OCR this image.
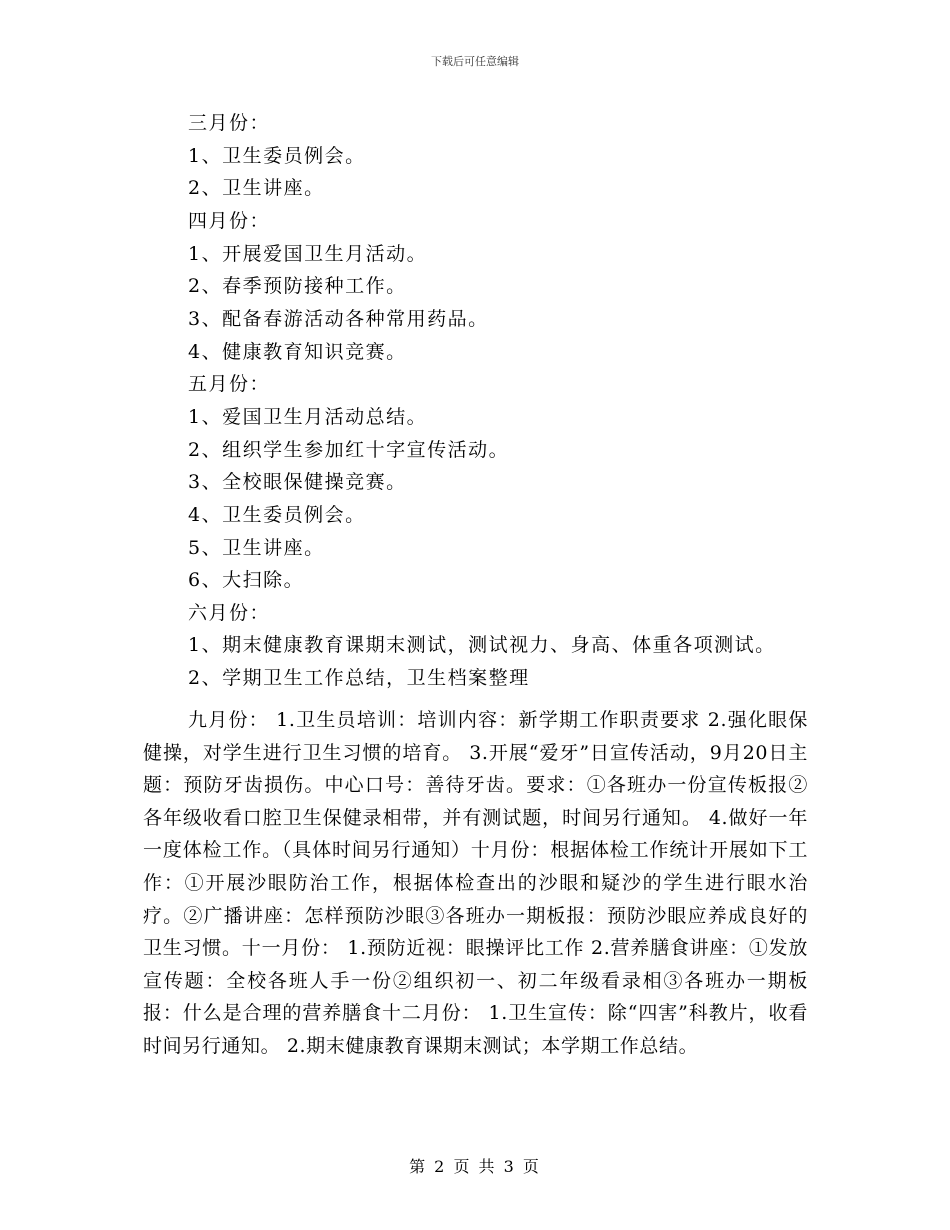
下载后可任意编辑
三月份：
1、卫生委员例会。
2、卫生讲座。
四月份：
1、开展爱国卫生月活动。
2、春季预防接种工作。
3、配备春游活动各种常用药品。
4、健康教育知识竞赛。
五月份：
1、爱国卫生月活动总结。
2、组织学生参加红十字宣传活动。
3、全校眼保健操竞赛。
4、卫生委员例会。
5、卫生讲座。
6、大扫除。
六月份：
1、期末健康教育课期末测试，测试视力、身高、体重各项测试。
2、学期卫生工作总结，卫生档案整理
九月份： 1.卫生员培训：培训内容：新学期工作职责要求 2.强化眼保健操，对学生进行卫生习惯的培育。 3.开展“爱牙”日宣传活动，9月20日主题：预防牙齿损伤。中心口号：善待牙齿。要求：①各班办一份宣传板报②各年级收看口腔卫生保健录相带，并有测试题，时间另行通知。 4.做好一年一度体检工作。（具体时间另行通知）十月份：根据体检工作统计开展如下工作：①开展沙眼防治工作，根据体检查出的沙眼和疑沙的学生进行眼水治疗。②广播讲座：怎样预防沙眼③各班办一期板报：预防沙眼应养成良好的卫生习惯。十一月份： 1.预防近视：眼操评比工作 2.营养膳食讲座：①发放宣传题：全校各班人手一份②组织初一、初二年级看录相③各班办一期板报：什么是合理的营养膳食十二月份： 1.卫生宣传：除“四害”科教片，收看时间另行通知。 2.期末健康教育课期末测试；本学期工作总结。
第 2 页 共 3 页
